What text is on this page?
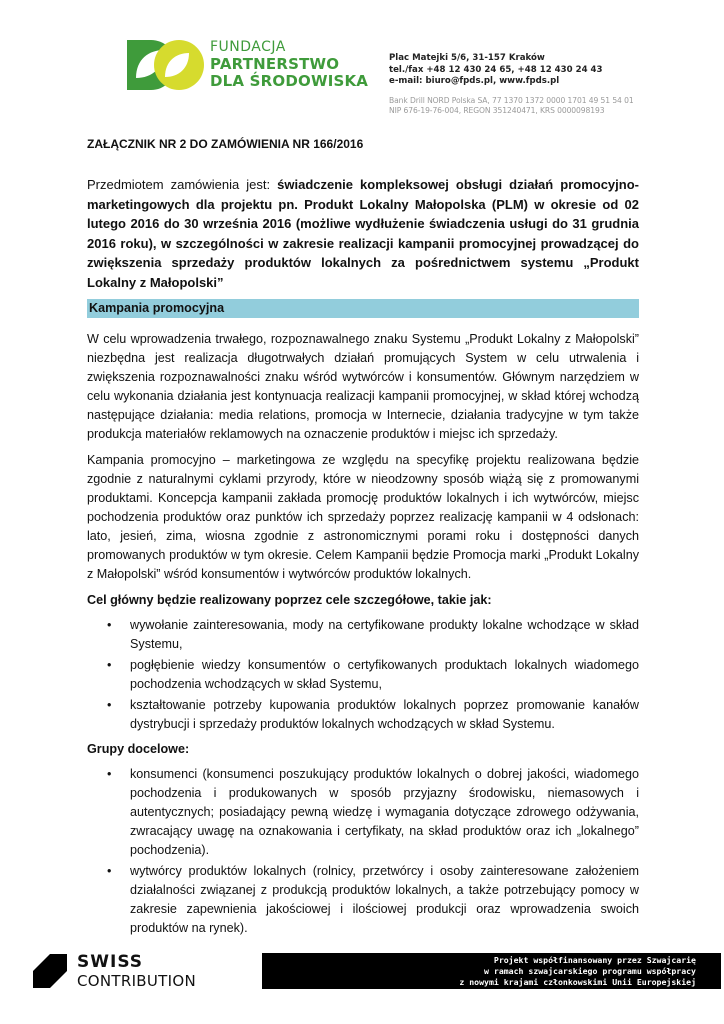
FUNDACJA
PARTNERSTWO
DLA ŚRODOWISKA
Plac Matejki 5/6, 31-157 Kraków
tel./fax +48 12 430 24 65, +48 12 430 24 43
e-mail: biuro@fpds.pl, www.fpds.pl
Bank Drill NORD Polska SA, 77 1370 1372 0000 1701 49 51 54 01
NIP 676-19-76-004, REGON 351240471, KRS 0000098193
ZAŁĄCZNIK NR 2 DO ZAMÓWIENIA NR 166/2016

Przedmiotem zamówienia jest: świadczenie kompleksowej obsługi działań promocyjno-marketingowych dla projektu pn. Produkt Lokalny Małopolska (PLM) w okresie od 02 lutego 2016 do 30 września 2016 (możliwe wydłużenie świadczenia usługi do 31 grudnia 2016 roku), w szczególności w zakresie realizacji kampanii promocyjnej prowadzącej do zwiększenia sprzedaży produktów lokalnych za pośrednictwem systemu „Produkt Lokalny z Małopolski”

Kampania promocyjna

W celu wprowadzenia trwałego, rozpoznawalnego znaku Systemu „Produkt Lokalny z Małopolski” niezbędna jest realizacja długotrwałych działań promujących System w celu utrwalenia i zwiększenia rozpoznawalności znaku wśród wytwórców i konsumentów. Głównym narzędziem w celu wykonania działania jest kontynuacja realizacji kampanii promocyjnej, w skład której wchodzą następujące działania: media relations, promocja w Internecie, działania tradycyjne w tym także produkcja materiałów reklamowych na oznaczenie produktów i miejsc ich sprzedaży.

Kampania promocyjno – marketingowa ze względu na specyfikę projektu realizowana będzie zgodnie z naturalnymi cyklami przyrody, które w nieodzowny sposób wiążą się z promowanymi produktami. Koncepcja kampanii zakłada promocję produktów lokalnych i ich wytwórców, miejsc pochodzenia produktów oraz punktów ich sprzedaży poprzez realizację kampanii w 4 odsłonach: lato, jesień, zima, wiosna zgodnie z astronomicznymi porami roku i dostępności danych promowanych produktów w tym okresie. Celem Kampanii będzie Promocja marki „Produkt Lokalny z Małopolski” wśród konsumentów i wytwórców produktów lokalnych.

Cel główny będzie realizowany poprzez cele szczegółowe, takie jak:

• wywołanie zainteresowania, mody na certyfikowane produkty lokalne wchodzące w skład Systemu,
• pogłębienie wiedzy konsumentów o certyfikowanych produktach lokalnych wiadomego pochodzenia wchodzących w skład Systemu,
• kształtowanie potrzeby kupowania produktów lokalnych poprzez promowanie kanałów dystrybucji i sprzedaży produktów lokalnych wchodzących w skład Systemu.

Grupy docelowe:

• konsumenci (konsumenci poszukujący produktów lokalnych o dobrej jakości, wiadomego pochodzenia i produkowanych w sposób przyjazny środowisku, niemasowych i autentycznych; posiadający pewną wiedzę i wymagania dotyczące zdrowego odżywania, zwracający uwagę na oznakowania i certyfikaty, na skład produktów oraz ich „lokalnego” pochodzenia).
• wytwórcy produktów lokalnych (rolnicy, przetwórcy i osoby zainteresowane założeniem działalności związanej z produkcją produktów lokalnych, a także potrzebujący pomocy w zakresie zapewnienia jakościowej i ilościowej produkcji oraz wprowadzenia swoich produktów na rynek).
SWISS
CONTRIBUTION
Projekt współfinansowany przez Szwajcarię
w ramach szwajcarskiego programu współpracy
z nowymi krajami członkowskimi Unii Europejskiej
